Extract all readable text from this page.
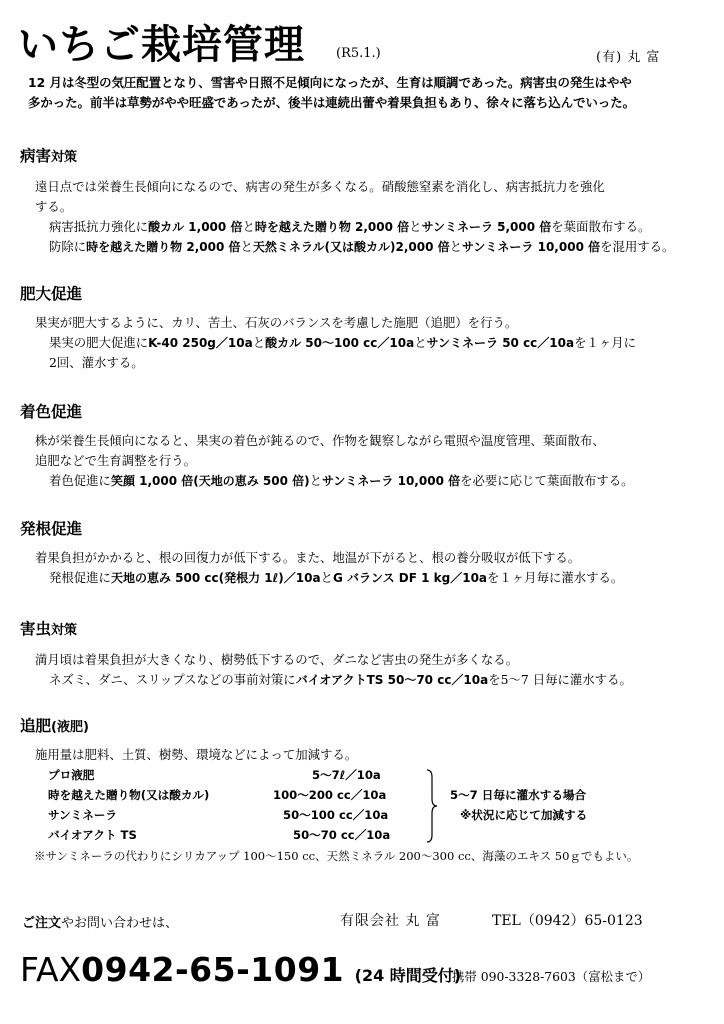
いちご栽培管理 (R5.1.)	(有) 丸 富

12 月は冬型の気圧配置となり、雪害や日照不足傾向になったが、生育は順調であった。病害虫の発生はやや

多かった。前半は草勢がやや旺盛であったが、後半は連続出蕾や着果負担もあり、徐々に落ち込んでいった。

病害対策

遠日点では栄養生長傾向になるので、病害の発生が多くなる。硝酸態窒素を消化し、病害抵抗力を強化

する。

病害抵抗力強化に酸カル 1,000 倍と時を越えた贈り物 2,000 倍とサンミネーラ 5,000 倍を葉面散布する。

防除に時を越えた贈り物 2,000 倍と天然ミネラル(又は酸カル)2,000 倍とサンミネーラ 10,000 倍を混用する。

肥大促進

果実が肥大するように、カリ、苦土、石灰のバランスを考慮した施肥（追肥）を行う。

果実の肥大促進にK-40 250g／10aと酸カル 50〜100 cc／10aとサンミネーラ 50 cc／10aを１ヶ月に

2回、灌水する。

着色促進

株が栄養生長傾向になると、果実の着色が鈍るので、作物を観察しながら電照や温度管理、葉面散布、

追肥などで生育調整を行う。

着色促進に笑顔 1,000 倍(天地の恵み 500 倍)とサンミネーラ 10,000 倍を必要に応じて葉面散布する。

発根促進

着果負担がかかると、根の回復力が低下する。また、地温が下がると、根の養分吸収が低下する。

発根促進に天地の恵み 500 cc(発根力 1ℓ)／10aとG バランス DF 1 kg／10aを１ヶ月毎に灌水する。

害虫対策

満月頃は着果負担が大きくなり、樹勢低下するので、ダニなど害虫の発生が多くなる。

ネズミ、ダニ、スリップスなどの事前対策にバイオアクトTS 50〜70 cc／10aを5〜7 日毎に灌水する。

追肥(液肥)

施用量は肥料、土質、樹勢、環境などによって加減する。

プロ液肥	5〜7ℓ／10a
時を越えた贈り物(又は酸カル)	100〜200 cc／10a
サンミネーラ	50〜100 cc／10a
バイオアクト TS	50〜70 cc／10a
5〜7 日毎に灌水する場合
※状況に応じて加減する
※サンミネーラの代わりにシリカアップ 100〜150 cc、天然ミネラル 200〜300 cc、海藻のエキス 50ｇでもよい。
ご注文やお問い合わせは、	有限会社 丸 富	TEL（0942）65-0123
FAX0942-65-1091 (24 時間受付)
携帯 090-3328-7603（富松まで）
